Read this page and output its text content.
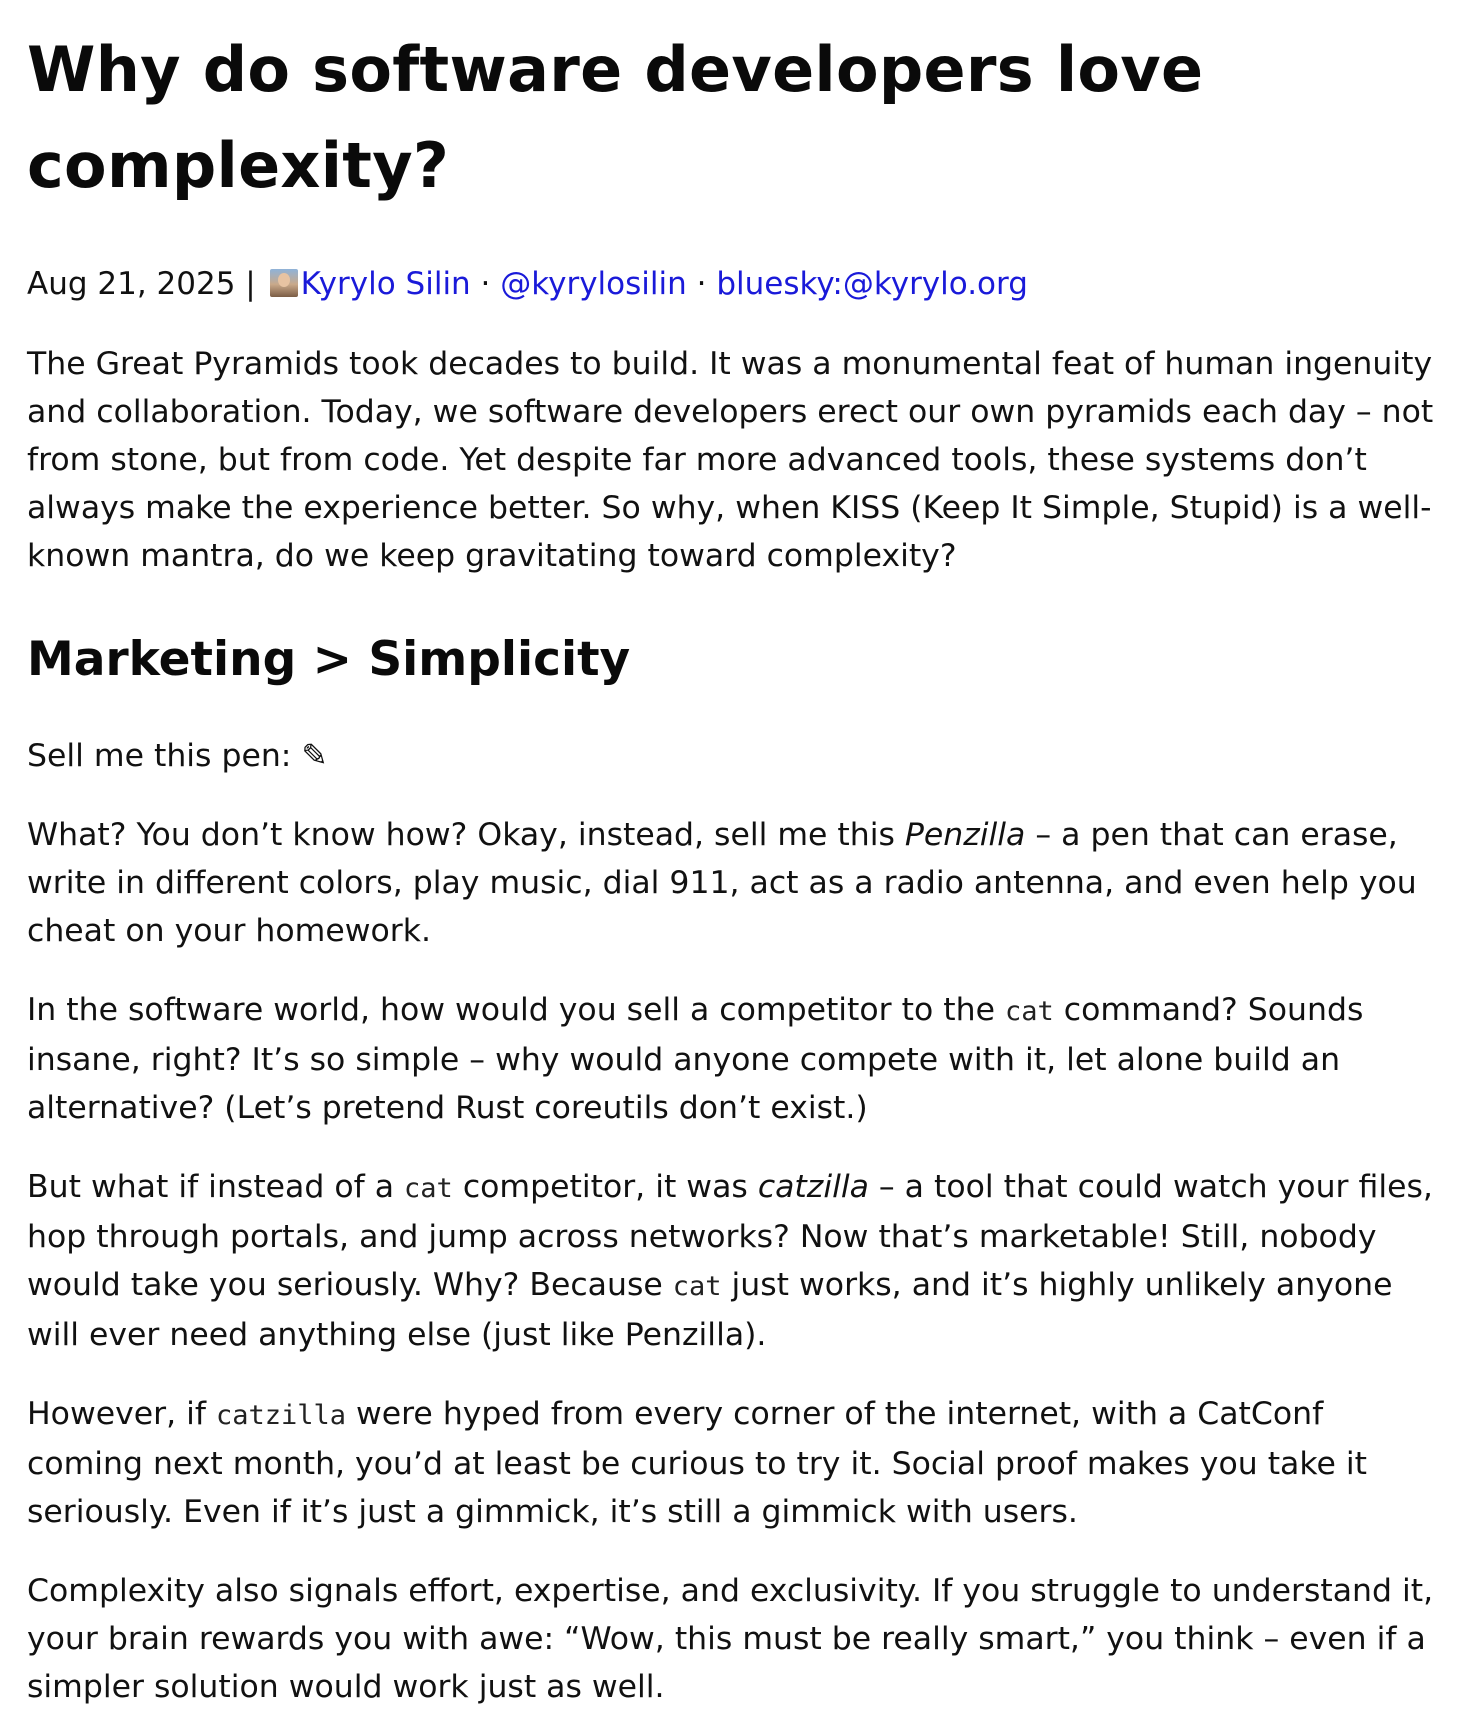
Why do software developers love complexity?
Aug 21, 2025 | Kyrylo Silin · @kyrylosilin · bluesky:@kyrylo.org

The Great Pyramids took decades to build. It was a monumental feat of human ingenuity and collaboration. Today, we software developers erect our own pyramids each day – not from stone, but from code. Yet despite far more advanced tools, these systems don’t always make the experience better. So why, when KISS (Keep It Simple, Stupid) is a well-known mantra, do we keep gravitating toward complexity?

Marketing > Simplicity

Sell me this pen: ✎

What? You don’t know how? Okay, instead, sell me this Penzilla – a pen that can erase, write in different colors, play music, dial 911, act as a radio antenna, and even help you cheat on your homework.

In the software world, how would you sell a competitor to the cat command? Sounds insane, right? It’s so simple – why would anyone compete with it, let alone build an alternative? (Let’s pretend Rust coreutils don’t exist.)

But what if instead of a cat competitor, it was catzilla – a tool that could watch your files, hop through portals, and jump across networks? Now that’s marketable! Still, nobody would take you seriously. Why? Because cat just works, and it’s highly unlikely anyone will ever need anything else (just like Penzilla).

However, if catzilla were hyped from every corner of the internet, with a CatConf coming next month, you’d at least be curious to try it. Social proof makes you take it seriously. Even if it’s just a gimmick, it’s still a gimmick with users.

Complexity also signals effort, expertise, and exclusivity. If you struggle to understand it, your brain rewards you with awe: “Wow, this must be really smart,” you think – even if a simpler solution would work just as well.
